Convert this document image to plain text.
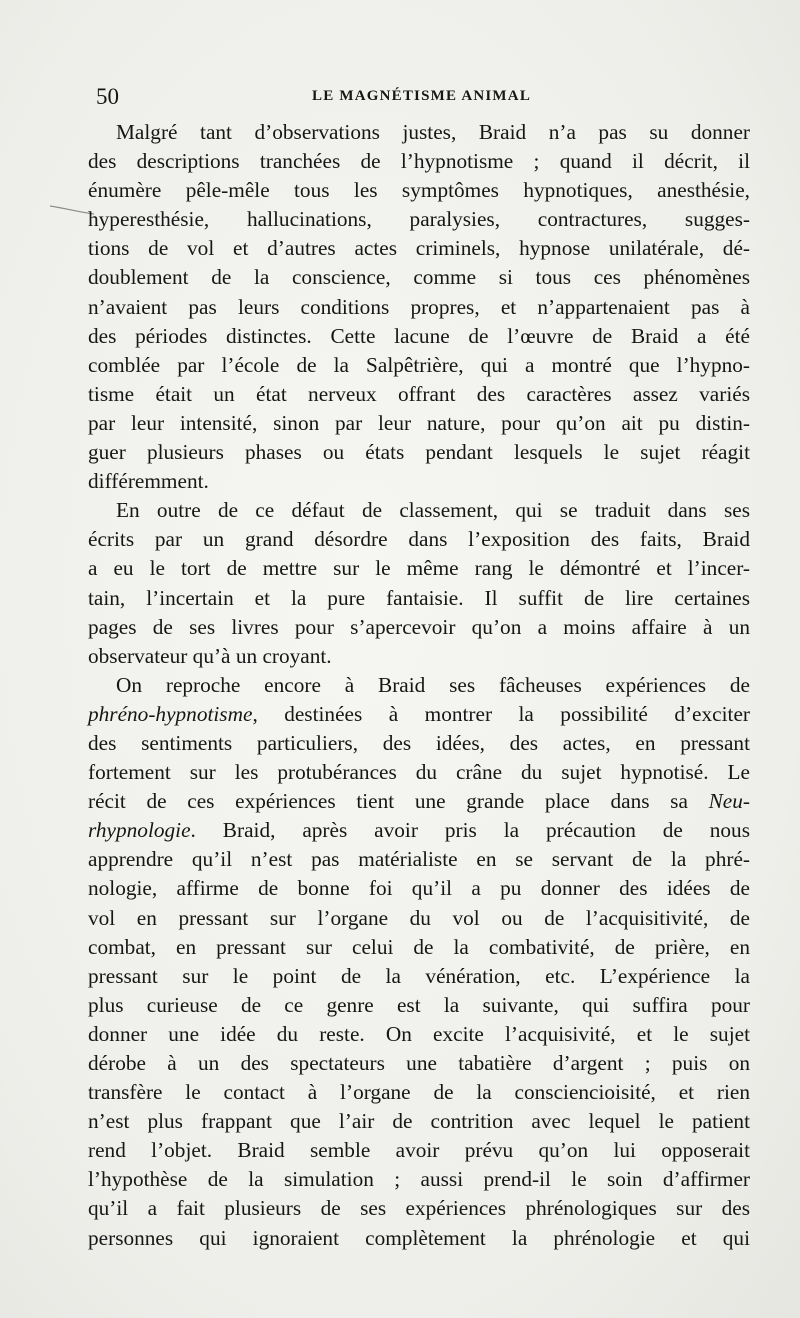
50	LE MAGNÉTISME ANIMAL
Malgré tant d’observations justes, Braid n’a pas su donner
des descriptions tranchées de l’hypnotisme ; quand il décrit, il
énumère pêle-mêle tous les symptômes hypnotiques, anesthésie,
hyperesthésie, hallucinations, paralysies, contractures, sugges-
tions de vol et d’autres actes criminels, hypnose unilatérale, dé-
doublement de la conscience, comme si tous ces phénomènes
n’avaient pas leurs conditions propres, et n’appartenaient pas à
des périodes distinctes. Cette lacune de l’œuvre de Braid a été
comblée par l’école de la Salpêtrière, qui a montré que l’hypno-
tisme était un état nerveux offrant des caractères assez variés
par leur intensité, sinon par leur nature, pour qu’on ait pu distin-
guer plusieurs phases ou états pendant lesquels le sujet réagit
différemment.
En outre de ce défaut de classement, qui se traduit dans ses
écrits par un grand désordre dans l’exposition des faits, Braid
a eu le tort de mettre sur le même rang le démontré et l’incer-
tain, l’incertain et la pure fantaisie. Il suffit de lire certaines
pages de ses livres pour s’apercevoir qu’on a moins affaire à un
observateur qu’à un croyant.
On reproche encore à Braid ses fâcheuses expériences de
phréno-hypnotisme, destinées à montrer la possibilité d’exciter
des sentiments particuliers, des idées, des actes, en pressant
fortement sur les protubérances du crâne du sujet hypnotisé. Le
récit de ces expériences tient une grande place dans sa Neu-
rhypnologie. Braid, après avoir pris la précaution de nous
apprendre qu’il n’est pas matérialiste en se servant de la phré-
nologie, affirme de bonne foi qu’il a pu donner des idées de
vol en pressant sur l’organe du vol ou de l’acquisitivité, de
combat, en pressant sur celui de la combativité, de prière, en
pressant sur le point de la vénération, etc. L’expérience la
plus curieuse de ce genre est la suivante, qui suffira pour
donner une idée du reste. On excite l’acquisivité, et le sujet
dérobe à un des spectateurs une tabatière d’argent ; puis on
transfère le contact à l’organe de la consciencioisité, et rien
n’est plus frappant que l’air de contrition avec lequel le patient
rend l’objet. Braid semble avoir prévu qu’on lui opposerait
l’hypothèse de la simulation ; aussi prend-il le soin d’affirmer
qu’il a fait plusieurs de ses expériences phrénologiques sur des
personnes qui ignoraient complètement la phrénologie et qui
